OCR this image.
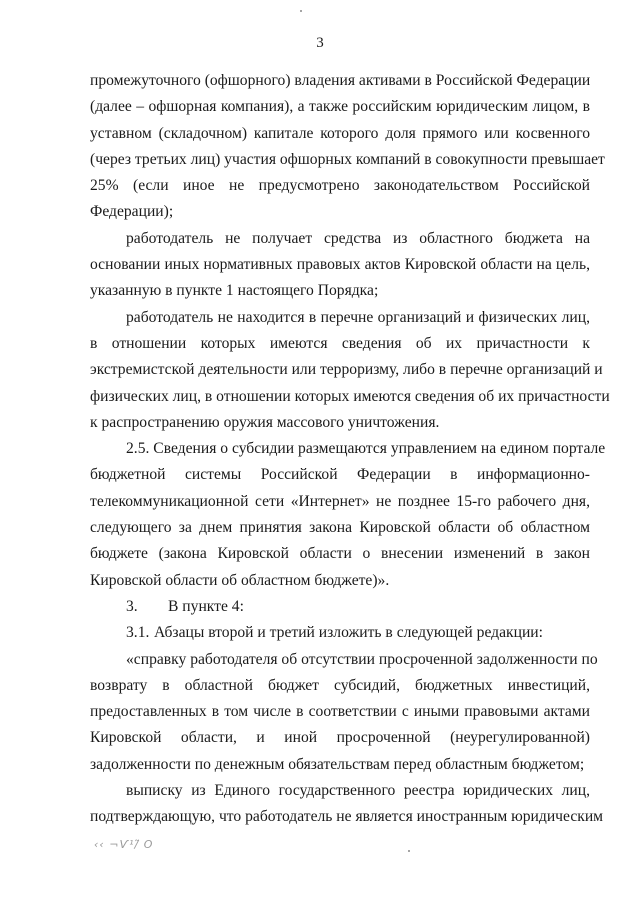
3
промежуточного (офшорного) владения активами в Российской Федерации
(далее – офшорная компания), а также российским юридическим лицом, в
уставном (складочном) капитале которого доля прямого или косвенного
(через третьих лиц) участия офшорных компаний в совокупности превышает
25% (если иное не предусмотрено законодательством Российской
Федерации);
работодатель не получает средства из областного бюджета на
основании иных нормативных правовых актов Кировской области на цель,
указанную в пункте 1 настоящего Порядка;
работодатель не находится в перечне организаций и физических лиц,
в отношении которых имеются сведения об их причастности к
экстремистской деятельности или терроризму, либо в перечне организаций и
физических лиц, в отношении которых имеются сведения об их причастности
к распространению оружия массового уничтожения.
2.5. Сведения о субсидии размещаются управлением на едином портале
бюджетной системы Российской Федерации в информационно-
телекоммуникационной сети «Интернет» не позднее 15-го рабочего дня,
следующего за днем принятия закона Кировской области об областном
бюджете (закона Кировской области о внесении изменений в закон
Кировской области об областном бюджете)».
3. В пункте 4:
3.1. Абзацы второй и третий изложить в следующей редакции:
«справку работодателя об отсутствии просроченной задолженности по
возврату в областной бюджет субсидий, бюджетных инвестиций,
предоставленных в том числе в соответствии с иными правовыми актами
Кировской области, и иной просроченной (неурегулированной)
задолженности по денежным обязательствам перед областным бюджетом;
выписку из Единого государственного реестра юридических лиц,
подтверждающую, что работодатель не является иностранным юридическим
‹‹ ¬Ѵ¹/̃ О
